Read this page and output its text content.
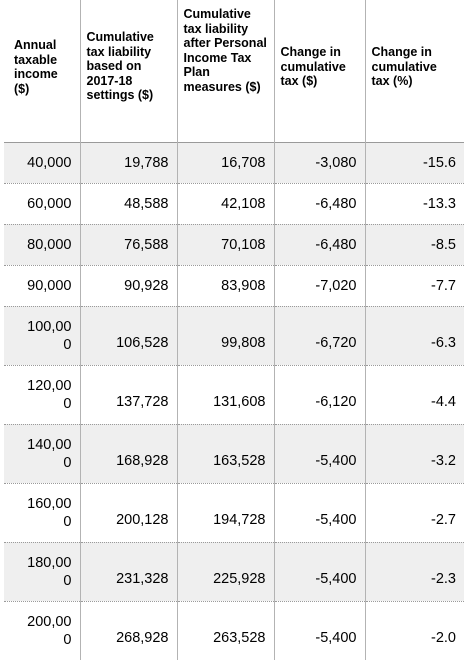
Annual taxable income ($)	Cumulative tax liability based on 2017-18 settings ($)	Cumulative tax liability after Personal Income Tax Plan measures ($)	Change in cumulative tax ($)	Change in cumulative tax (%)

40,000	19,788	16,708	-3,080	-15.6
60,000	48,588	42,108	-6,480	-13.3
80,000	76,588	70,108	-6,480	-8.5
90,000	90,928	83,908	-7,020	-7.7
100,000	106,528	99,808	-6,720	-6.3
120,000	137,728	131,608	-6,120	-4.4
140,000	168,928	163,528	-5,400	-3.2
160,000	200,128	194,728	-5,400	-2.7
180,000	231,328	225,928	-5,400	-2.3
200,000	268,928	263,528	-5,400	-2.0
